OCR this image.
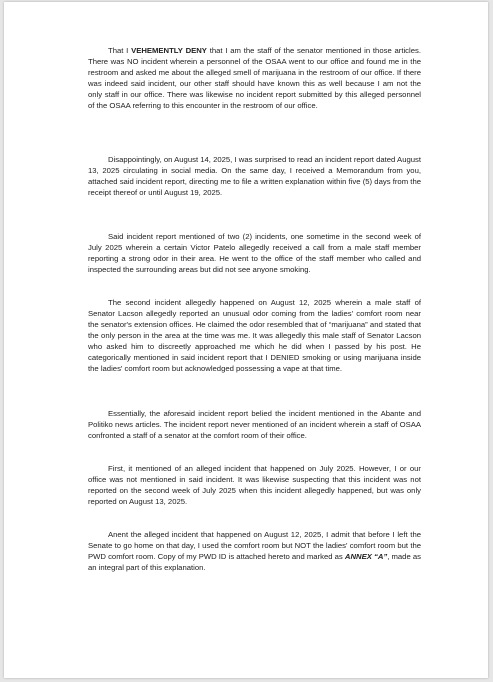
That I VEHEMENTLY DENY that I am the staff of the senator mentioned in those articles. There was NO incident wherein a personnel of the OSAA went to our office and found me in the restroom and asked me about the alleged smell of marijuana in the restroom of our office. If there was indeed said incident, our other staff should have known this as well because I am not the only staff in our office. There was likewise no incident report submitted by this alleged personnel of the OSAA referring to this encounter in the restroom of our office.

Disappointingly, on August 14, 2025, I was surprised to read an incident report dated August 13, 2025 circulating in social media. On the same day, I received a Memorandum from you, attached said incident report, directing me to file a written explanation within five (5) days from the receipt thereof or until August 19, 2025.

Said incident report mentioned of two (2) incidents, one sometime in the second week of July 2025 wherein a certain Victor Patelo allegedly received a call from a male staff member reporting a strong odor in their area. He went to the office of the staff member who called and inspected the surrounding areas but did not see anyone smoking.

The second incident allegedly happened on August 12, 2025 wherein a male staff of Senator Lacson allegedly reported an unusual odor coming from the ladies' comfort room near the senator's extension offices. He claimed the odor resembled that of “marijuana” and stated that the only person in the area at the time was me. It was allegedly this male staff of Senator Lacson who asked him to discreetly approached me which he did when I passed by his post. He categorically mentioned in said incident report that I DENIED smoking or using marijuana inside the ladies' comfort room but acknowledged possessing a vape at that time.

Essentially, the aforesaid incident report belied the incident mentioned in the Abante and Politiko news articles. The incident report never mentioned of an incident wherein a staff of OSAA confronted a staff of a senator at the comfort room of their office.

First, it mentioned of an alleged incident that happened on July 2025. However, I or our office was not mentioned in said incident. It was likewise suspecting that this incident was not reported on the second week of July 2025 when this incident allegedly happened, but was only reported on August 13, 2025.

Anent the alleged incident that happened on August 12, 2025, I admit that before I left the Senate to go home on that day, I used the comfort room but NOT the ladies' comfort room but the PWD comfort room. Copy of my PWD ID is attached hereto and marked as ANNEX “A”, made as an integral part of this explanation.
